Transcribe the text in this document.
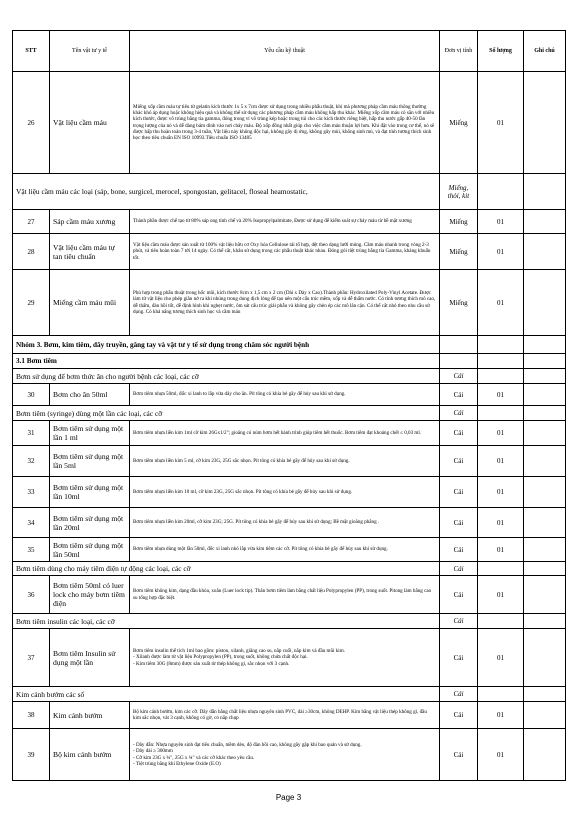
STT	Tên vật tư y tế	Yêu cầu kỹ thuật	Đơn vị tính	Số lượng	Ghi chú
26	Vật liệu cầm máu	Miếng xốp cầm máu tự tiêu từ gelatin kích thước 1x 5 x 7cm được sử dụng trong nhiều phẫu thuật, khi mà phương pháp cầm máu thông thường khác khó áp dụng hoặc không hiệu quả và không thể sử dụng các phương pháp cầm máu không hấp thu khác. Miếng xốp cầm máu có sẵn với nhiều kích thước, được vô trùng bằng tia gamma, đóng trong vỉ vô trùng kép hoặc trong túi cho các kích thước riêng biệt, hấp thu nước gấp 40-50 lần trọng lượng của nó và dễ dàng bám dính vào nơi chảy máu. Độ xốp đồng nhất giúp cho việc cầm máu thuận lợi hơn. Khi đặt vào trong cơ thể, nó sẽ được hấp thu hoàn toàn trong 3-4 tuần, Vật liệu này không độc hại, không gây dị ứng, không gây mùi, không sinh mủ, và đạt tính tương thích sinh học theo tiêu chuẩn EN ISO 10993.Tiêu chuẩn ISO 13485	Miếng	01	
Vật liệu cầm máu các loại (sáp, bone, surgicel, merocel, spongostan, gelitacel, floseal heamostatic,			Miếng, thỏi, kit		
27	Sáp cầm máu xương	Thành phần được chế tạo từ 80% sáp ong tinh chế và 20% Isopropylpalmitate, Được sử dụng để kiểm soát sự chảy máu từ bề mặt xương	Miếng	01	
28	Vật liệu cầm máu tự tan tiêu chuẩn	Vật liệu cầm máu được sản xuất từ 100% vật liệu hữu cơ Oxy hóa Cellulose tái tổ hợp, dệt theo dạng lưới mỏng. Cầm máu nhanh trong vòng 2-3 phút, và tiêu hoàn toàn 7 tới 14 ngày. Có thể cắt, khâu sử dụng trong các phẫu thuật khác nhau. Đóng gói tiệt trùng bằng tia Gamma, kháng khuẩn tốt.	Miếng	01	
29	Miếng cầm máu mũi	Phù hợp trong phẫu thuật trong hốc mũi, kích thước 8cm x 1,5 cm x 2 cm (Dài x Dày x Cao).Thành phần: Hydroxilated Poly-Vinyl Acetate. Được làm từ vật liệu cho phép giãn nở ra khi nhúng trong dung dịch lỏng để tạo nên một cấu trúc mềm, xốp và dễ thấm nước. Có tính tương thích mô cao, dễ thấm, đàn hồi tốt, dễ định hình khi nghẹt nước, ôm sát cấu trúc giải phẫu và không gây chèn ép các mô lân cận. Có thể cắt nhỏ theo nhu cầu sử dụng. Có khả năng tương thích sinh học và cầm máu	Miếng	01	
Nhóm 3. Bơm, kim tiêm, dây truyền, găng tay và vật tư y tế sử dụng trong chăm sóc người bệnh					
3.1 Bơm tiêm					
Bơm sử dụng để bơm thức ăn cho người bệnh các loại, các cỡ			Cái		
30	Bơm cho ăn 50ml	Bơm tiêm nhựa 50ml, đốc xi lanh to lắp vừa dây cho ăn. Pít tông có khía bẻ gãy để hủy sau khi sử dụng.	Cái	01	
Bơm tiêm (syringe) dùng một lần các loại, các cỡ			Cái		
31	Bơm tiêm sử dụng một lần 1 ml	Bơm tiêm nhựa liền kim 1ml cỡ kim 26Gx1/2"; gioăng có núm bơm hết hành trình giúp tiêm hết thuốc. Bơm tiêm đạt khoảng chết ≤ 0,03 ml.	Cái	01	
32	Bơm tiêm sử dụng một lần 5ml	Bơm tiêm nhựa liền kim 5 ml, cỡ kim 23G, 25G sắc nhọn. Pít tông có khía bẻ gãy để hủy sau khi sử dụng.	Cái	01	
33	Bơm tiêm sử dụng một lần 10ml	Bơm tiêm nhựa liền kim 10 ml, cỡ kim 23G, 25G sắc nhọn. Pít tông có khía bẻ gãy để hủy sau khi sử dụng.	Cái	01	
34	Bơm tiêm sử dụng một lần 20ml	Bơm tiêm nhựa liền kim 20ml, cỡ kim 23G; 25G. Pít tông có khía bẻ gãy để hủy sau khi sử dụng; Bề mặt gioăng phẳng .	Cái	01	
35	Bơm tiêm sử dụng một lần 50ml	Bơm tiêm nhựa dùng một lần 50ml, đốc xi lanh nhỏ lắp vừa kim tiêm các cỡ. Pít tông có khía bẻ gãy để hủy sau khi sử dụng.	Cái	01	
Bơm tiêm dùng cho máy tiêm điện tự động các loại, các cỡ			Cái		
36	Bơm tiêm 50ml có luer lock cho máy bơm tiêm điện	Bơm tiêm không kim, dạng đầu khóa, xoắn (Luer lock tip). Thân bơm tiêm làm bằng chất liệu Polypropylen (PP), trong suốt. Pitong làm bằng cao su tổng hợp đặc biệt.	Cái	01	
Bơm tiêm insulin các loại, các cỡ			Cái		
37	Bơm tiêm Insulin sử dụng một lần	Bơm tiêm insulin thể tích 1ml bao gồm: piston, xilanh, giăng cao su, nắp cuối, nắp kim và đầu mũi kim.
- Xilanh được làm từ vật liệu Polypropylen (PP), trong suốt, không chứa chất độc hại.
- Kim tiêm 30G (8mm) được sản xuất từ thép không gỉ, sắc nhọn với 3 cạnh.	Cái	01	
Kim cánh bướm các số			Cái		
38	Kim cánh bướm	Bộ kim cánh bướm, kim các cỡ. Dây dẫn bằng chất liệu nhựa nguyên sinh PVC, dài ≥30cm, không DEHP. Kim bằng vật liệu thép không gỉ, đầu kim sắc nhọn, vát 3 cạnh, không có gờ, có nắp chụp	Cái	01	
39	Bộ kim cánh bướm	- Dây dẫn: Nhựa nguyên sinh đạt tiêu chuẩn, mềm dẻo, độ đàn hồi cao, không gãy gập khi bao quản và sử dụng.
- Dây dài ≥ 300mm
- Cỡ kim 23G x ¾", 25G x ¾" và các cỡ khác theo yêu cầu.
- Tiệt trùng bằng khí Ethylene Oxide (E.O)	Cái	01	
Page 3
